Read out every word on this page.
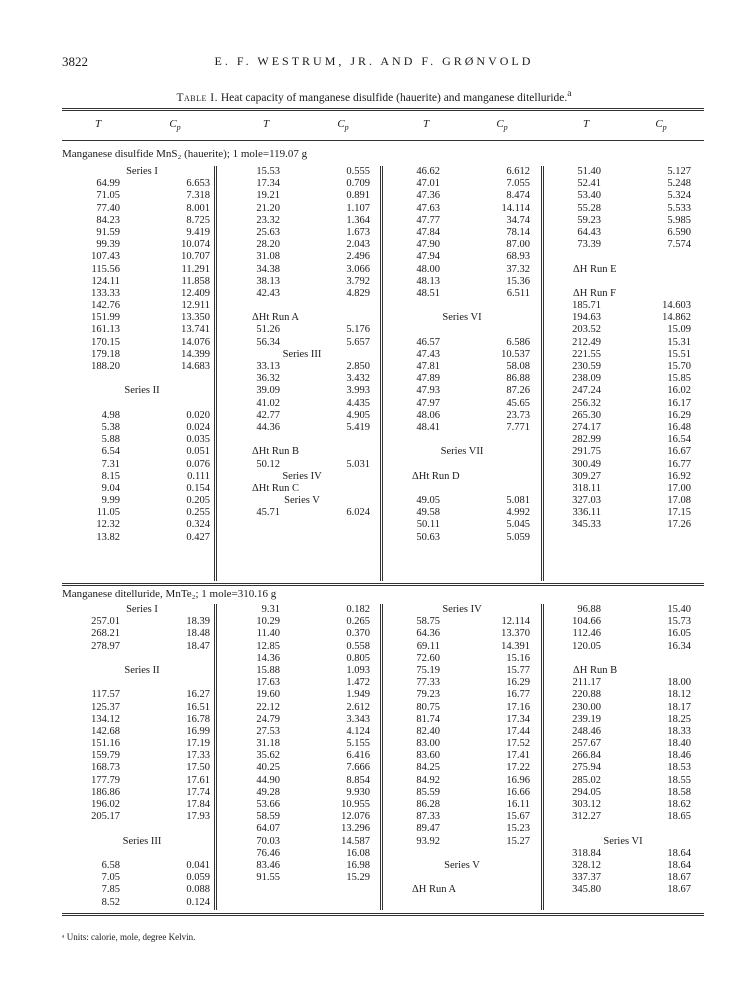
3822	E. F. WESTRUM, JR. AND F. GRØNVOLD
Table I. Heat capacity of manganese disulfide (hauerite) and manganese ditelluride.$^a$
T	$C_p$	T	$C_p$	T	$C_p$	T	$C_p$
Manganese disulfide MnS₂ (hauerite); 1 mole=119.07 g
Manganese ditelluride, MnTe₂; 1 mole=310.16 g
Series I
64.99	6.653
71.05	7.318
77.40	8.001
84.23	8.725
91.59	9.419
99.39	10.074
107.43	10.707
115.56	11.291
124.11	11.858
133.33	12.409
142.76	12.911
151.99	13.350
161.13	13.741
170.15	14.076
179.18	14.399
188.20	14.683
Series II
4.98	0.020
5.38	0.024
5.88	0.035
6.54	0.051
7.31	0.076
8.15	0.111
9.04	0.154
9.99	0.205
11.05	0.255
12.32	0.324
13.82	0.427
15.53	0.555
17.34	0.709
19.21	0.891
21.20	1.107
23.32	1.364
25.63	1.673
28.20	2.043
31.08	2.496
34.38	3.066
38.13	3.792
42.43	4.829
ΔHt Run A
51.26	5.176
56.34	5.657
Series III
33.13	2.850
36.32	3.432
39.09	3.993
41.02	4.435
42.77	4.905
44.36	5.419
ΔHt Run B
50.12	5.031
Series IV
ΔHt Run C
Series V
45.71	6.024
46.62	6.612
47.01	7.055
47.36	8.474
47.63	14.114
47.77	34.74
47.84	78.14
47.90	87.00
47.94	68.93
48.00	37.32
48.13	15.36
48.51	6.511
Series VI
46.57	6.586
47.43	10.537
47.81	58.08
47.89	86.88
47.93	87.26
47.97	45.65
48.06	23.73
48.41	7.771
Series VII
ΔHt Run D
49.05	5.081
49.58	4.992
50.11	5.045
50.63	5.059
51.40	5.127
52.41	5.248
53.40	5.324
55.28	5.533
59.23	5.985
64.43	6.590
73.39	7.574
ΔH Run E
ΔH Run F
185.71	14.603
194.63	14.862
203.52	15.09
212.49	15.31
221.55	15.51
230.59	15.70
238.09	15.85
247.24	16.02
256.32	16.17
265.30	16.29
274.17	16.48
282.99	16.54
291.75	16.67
300.49	16.77
309.27	16.92
318.11	17.00
327.03	17.08
336.11	17.15
345.33	17.26
Series I
257.01	18.39
268.21	18.48
278.97	18.47
Series II
117.57	16.27
125.37	16.51
134.12	16.78
142.68	16.99
151.16	17.19
159.79	17.33
168.73	17.50
177.79	17.61
186.86	17.74
196.02	17.84
205.17	17.93
Series III
6.58	0.041
7.05	0.059
7.85	0.088
8.52	0.124
9.31	0.182
10.29	0.265
11.40	0.370
12.85	0.558
14.36	0.805
15.88	1.093
17.63	1.472
19.60	1.949
22.12	2.612
24.79	3.343
27.53	4.124
31.18	5.155
35.62	6.416
40.25	7.666
44.90	8.854
49.28	9.930
53.66	10.955
58.59	12.076
64.07	13.296
70.03	14.587
76.46	16.08
83.46	16.98
91.55	15.29
Series IV
58.75	12.114
64.36	13.370
69.11	14.391
72.60	15.16
75.19	15.77
77.33	16.29
79.23	16.77
80.75	17.16
81.74	17.34
82.40	17.44
83.00	17.52
83.60	17.41
84.25	17.22
84.92	16.96
85.59	16.66
86.28	16.11
87.33	15.67
89.47	15.23
93.92	15.27
Series V
ΔH Run A
96.88	15.40
104.66	15.73
112.46	16.05
120.05	16.34
ΔH Run B
211.17	18.00
220.88	18.12
230.00	18.17
239.19	18.25
248.46	18.33
257.67	18.40
266.84	18.46
275.94	18.53
285.02	18.55
294.05	18.58
303.12	18.62
312.27	18.65
Series VI
318.84	18.64
328.12	18.64
337.37	18.67
345.80	18.67
ᵃ Units: calorie, mole, degree Kelvin.
